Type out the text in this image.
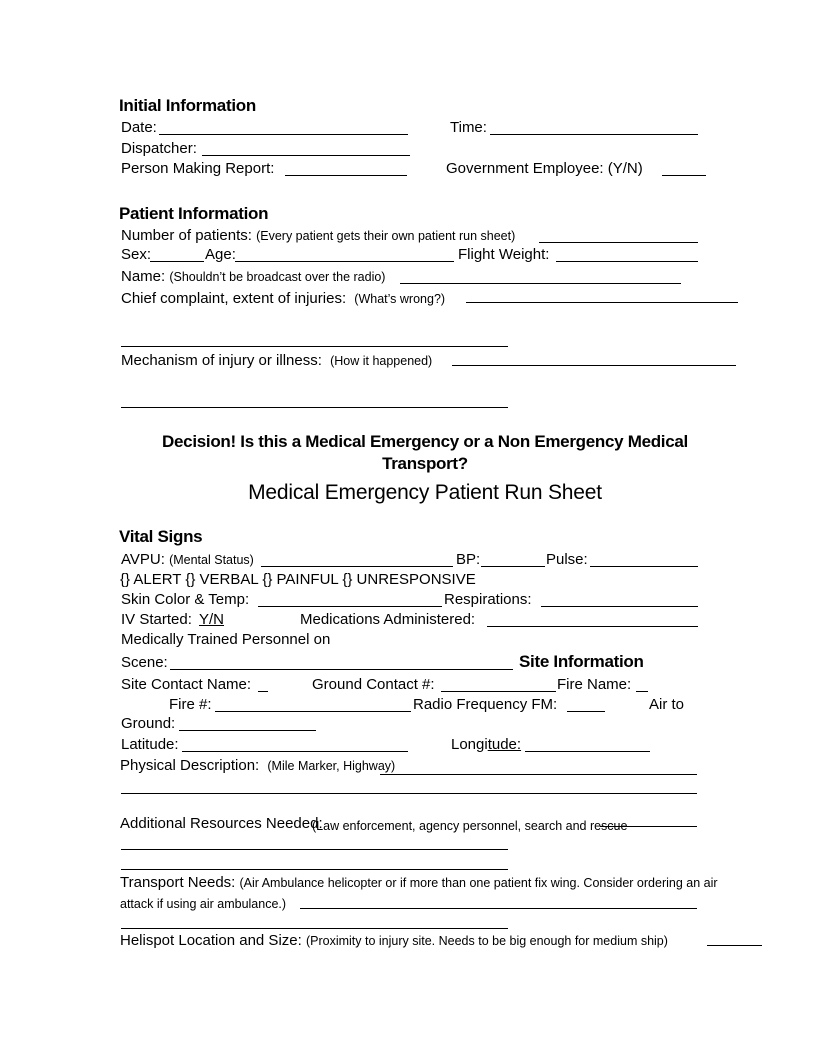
Initial Information
Date:	Time:
Dispatcher:
Person Making Report:	Government Employee: (Y/N)
Patient Information
Number of patients: (Every patient gets their own patient run sheet)
Sex:	Age:	Flight Weight:
Name: (Shouldn’t be broadcast over the radio)
Chief complaint, extent of injuries: (What’s wrong?)
Mechanism of injury or illness: (How it happened)
Decision! Is this a Medical Emergency or a Non Emergency Medical
Transport?
Medical Emergency Patient Run Sheet
Vital Signs
AVPU: (Mental Status)	BP:	Pulse:
{} ALERT {} VERBAL {} PAINFUL {} UNRESPONSIVE
Skin Color & Temp:	Respirations:
IV Started: Y/N	Medications Administered:
Medically Trained Personnel on
Scene:	Site Information
Site Contact Name:	Ground Contact #:	Fire Name:
Fire #:	Radio Frequency FM:	Air to
Ground:
Latitude:	Longitude:
Physical Description: (Mile Marker, Highway)
Additional Resources Needed:
(Law enforcement, agency personnel, search and rescue
Transport Needs: (Air Ambulance helicopter or if more than one patient fix wing. Consider ordering an air
attack if using air ambulance.)
Helispot Location and Size: (Proximity to injury site. Needs to be big enough for medium ship)
